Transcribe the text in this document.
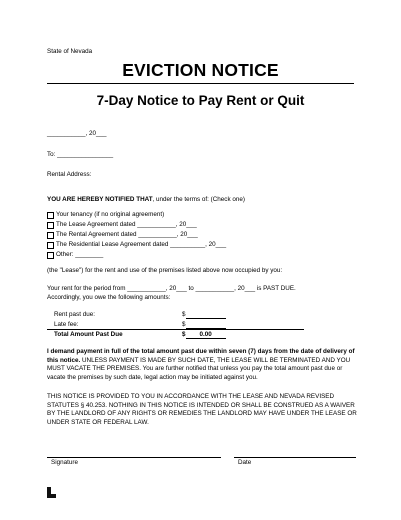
State of Nevada
EVICTION NOTICE
7-Day Notice to Pay Rent or Quit
___________, 20___
To: ________________
Rental Address:
YOU ARE HEREBY NOTIFIED THAT, under the terms of: (Check one)
Your tenancy (if no original agreement)
The Lease Agreement dated ___________, 20___
The Rental Agreement dated ___________, 20___
The Residential Lease Agreement dated __________, 20___
Other: ________
(the "Lease") for the rent and use of the premises listed above now occupied by you:
Your rent for the period from ___________, 20___ to ___________, 20___ is PAST DUE.
Accordingly, you owe the following amounts:
Rent past due:	$
Late fee:	$
Total Amount Past Due	$        0.00
I demand payment in full of the total amount past due within seven (7) days from the date of delivery of this notice. UNLESS PAYMENT IS MADE BY SUCH DATE, THE LEASE WILL BE TERMINATED AND YOU MUST VACATE THE PREMISES. You are further notified that unless you pay the total amount past due or vacate the premises by such date, legal action may be initiated against you.
THIS NOTICE IS PROVIDED TO YOU IN ACCORDANCE WITH THE LEASE AND NEVADA REVISED STATUTES § 40.253. NOTHING IN THIS NOTICE IS INTENDED OR SHALL BE CONSTRUED AS A WAIVER BY THE LANDLORD OF ANY RIGHTS OR REMEDIES THE LANDLORD MAY HAVE UNDER THE LEASE OR UNDER STATE OR FEDERAL LAW.
Signature	Date
